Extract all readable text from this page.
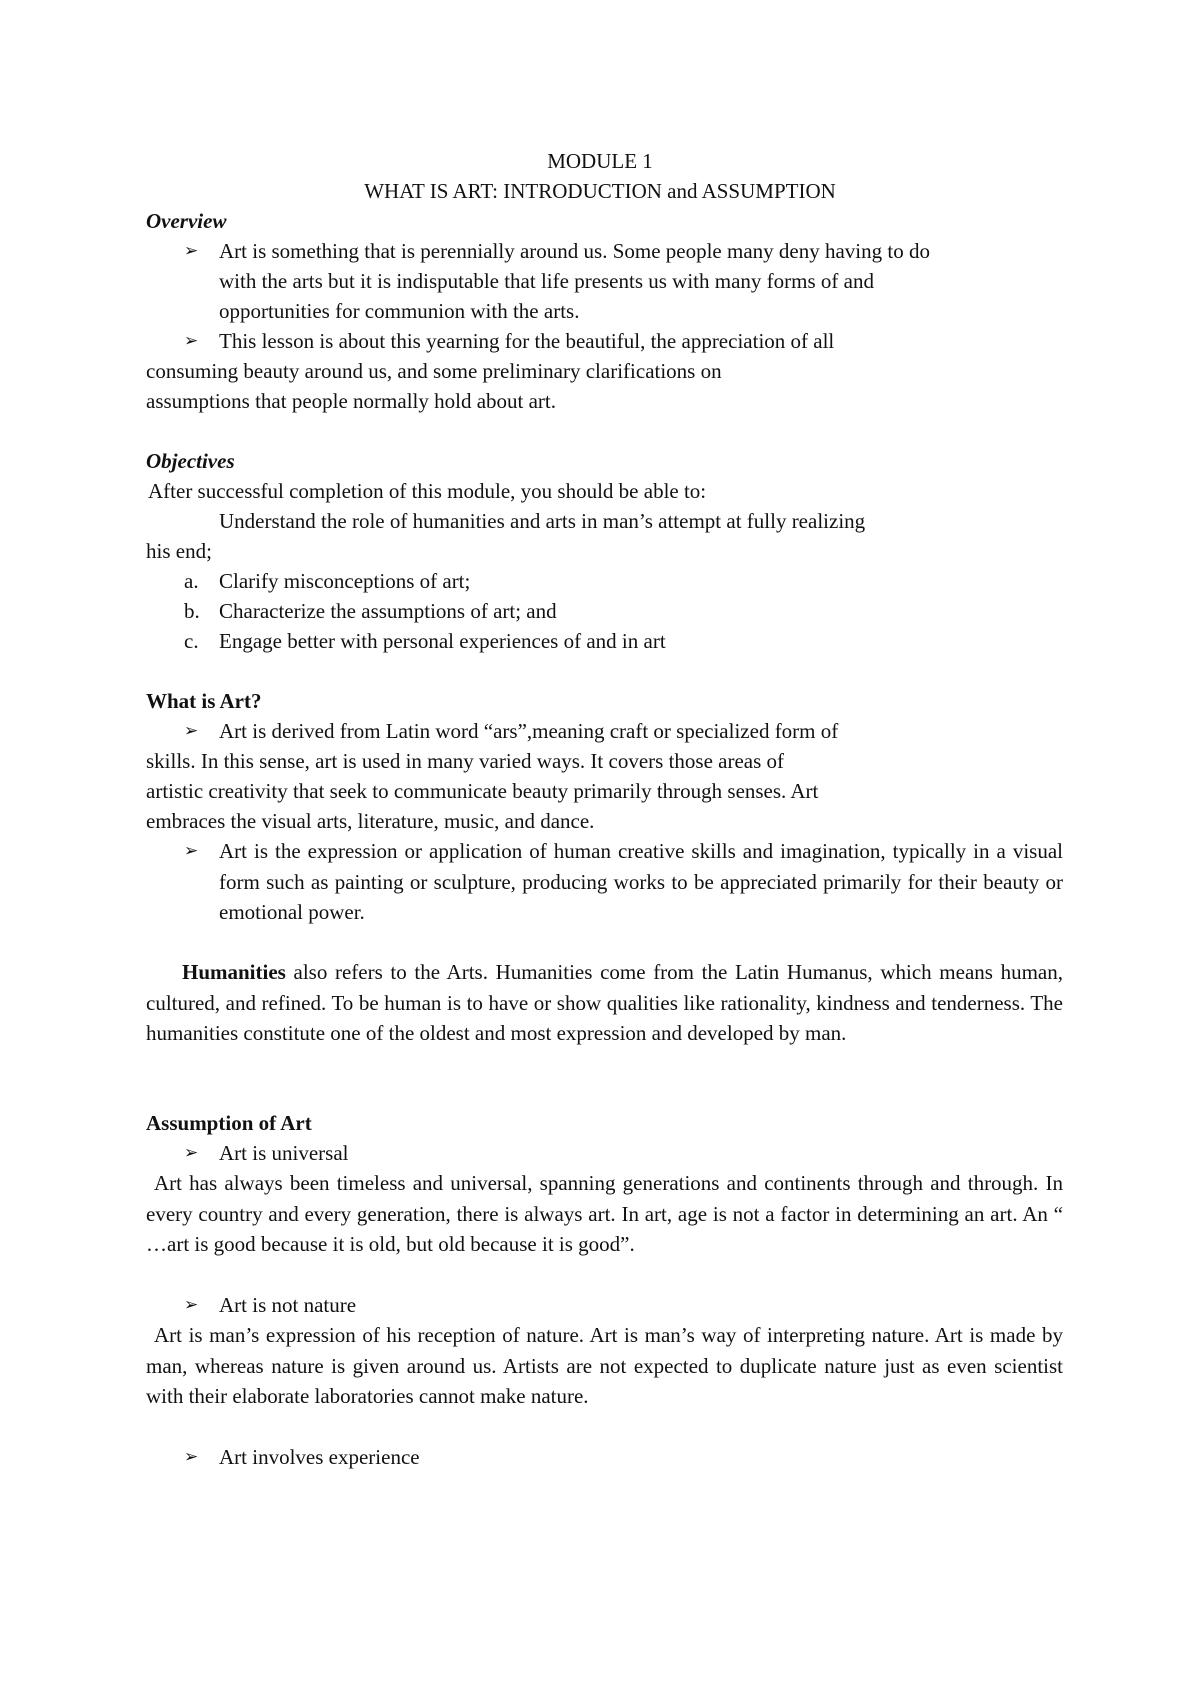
MODULE 1
WHAT IS ART: INTRODUCTION and ASSUMPTION
Overview
➢ Art is something that is perennially around us. Some people many deny having to do
with the arts but it is indisputable that life presents us with many forms of and
opportunities for communion with the arts.
➢ This lesson is about this yearning for the beautiful, the appreciation of all
consuming beauty around us, and some preliminary clarifications on
assumptions that people normally hold about art.
Objectives
After successful completion of this module, you should be able to:
Understand the role of humanities and arts in man’s attempt at fully realizing
his end;
a. Clarify misconceptions of art;
b. Characterize the assumptions of art; and
c. Engage better with personal experiences of and in art
What is Art?
➢ Art is derived from Latin word “ars”,meaning craft or specialized form of
skills. In this sense, art is used in many varied ways. It covers those areas of
artistic creativity that seek to communicate beauty primarily through senses. Art
embraces the visual arts, literature, music, and dance.
➢ Art is the expression or application of human creative skills and imagination, typically in a visual form such as painting or sculpture, producing works to be appreciated primarily for their beauty or emotional power.
Humanities also refers to the Arts. Humanities come from the Latin Humanus, which means human, cultured, and refined. To be human is to have or show qualities like rationality, kindness and tenderness. The humanities constitute one of the oldest and most expression and developed by man.
Assumption of Art
➢ Art is universal
Art has always been timeless and universal, spanning generations and continents through and through. In every country and every generation, there is always art. In art, age is not a factor in determining an art. An “ …art is good because it is old, but old because it is good”.
➢ Art is not nature
Art is man’s expression of his reception of nature. Art is man’s way of interpreting nature. Art is made by man, whereas nature is given around us. Artists are not expected to duplicate nature just as even scientist with their elaborate laboratories cannot make nature.
➢ Art involves experience
